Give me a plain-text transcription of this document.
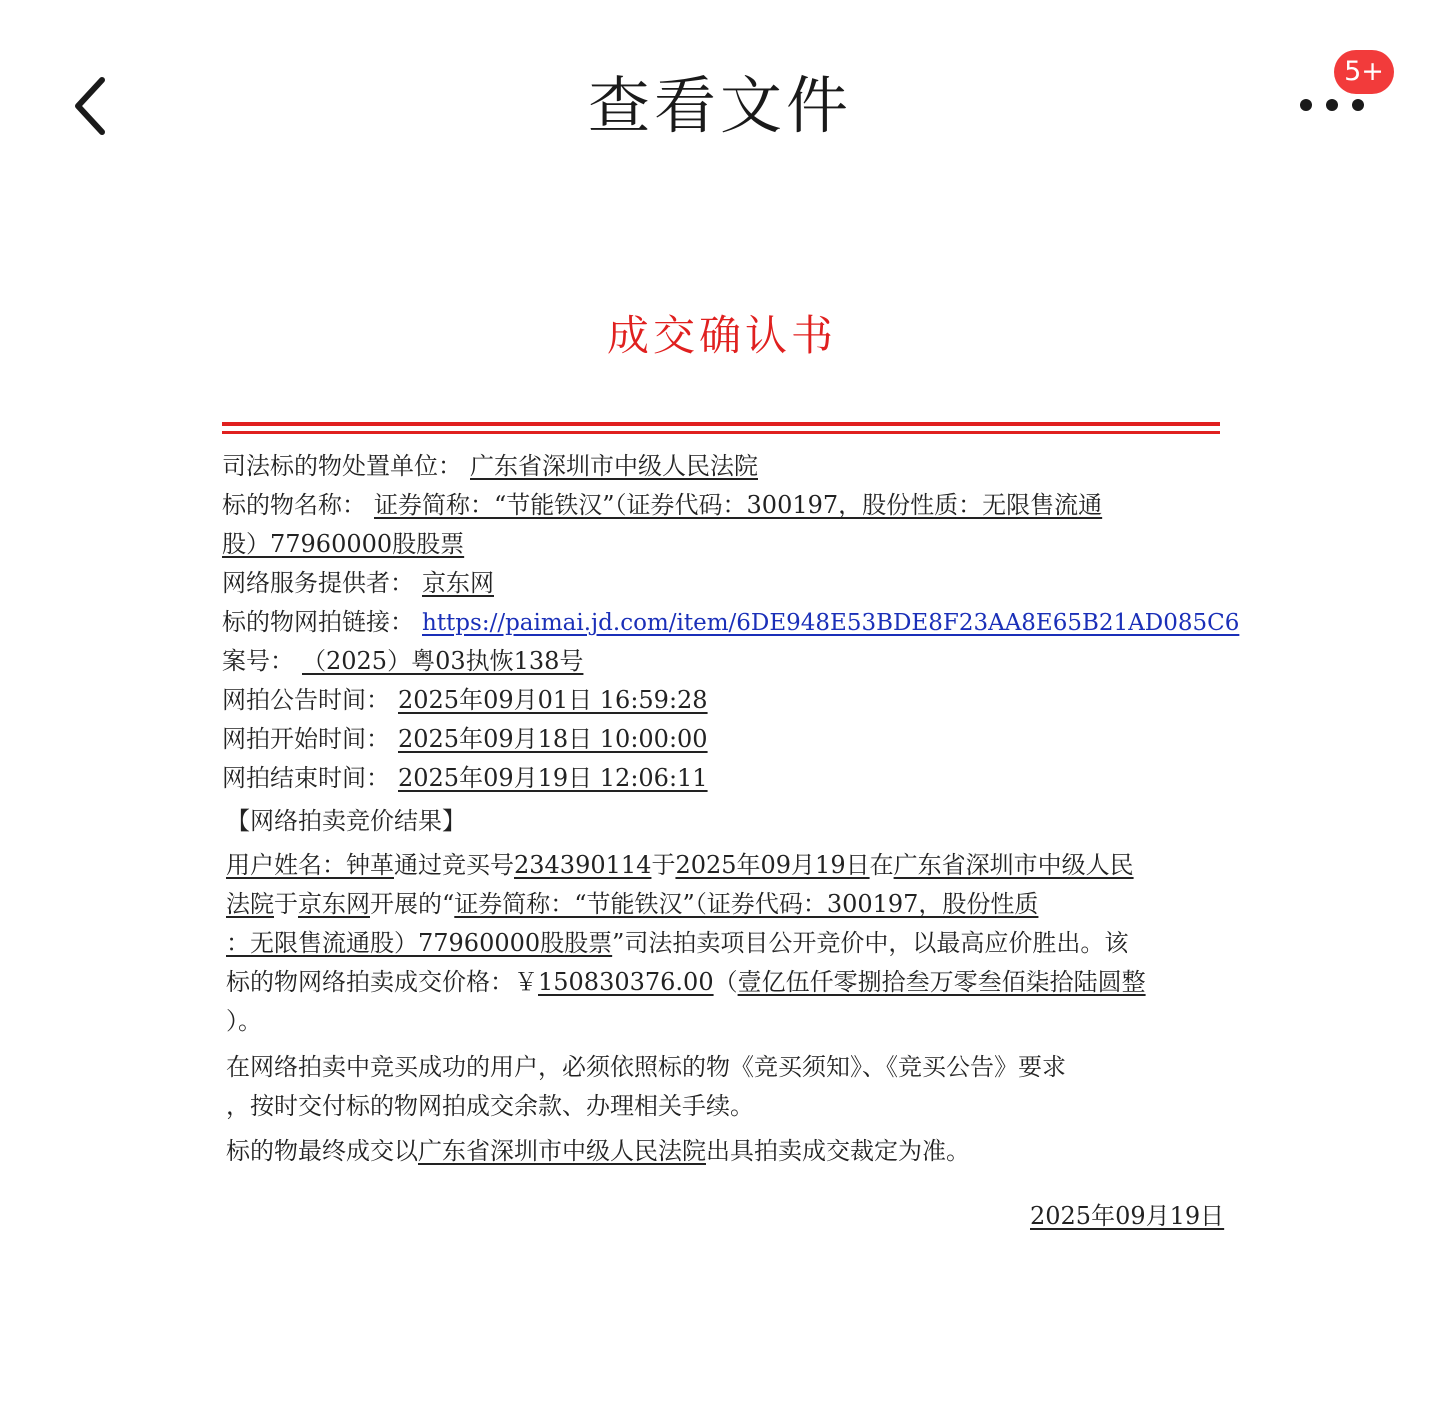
查看文件	5+
成交确认书
司法标的物处置单位： 广东省深圳市中级人民法院
标的物名称： 证券简称：“节能铁汉”（证券代码：300197，股份性质：无限售流通
股）77960000股股票
网络服务提供者： 京东网
标的物网拍链接： https://paimai.jd.com/item/6DE948E53BDE8F23AA8E65B21AD085C6
案号： （2025）粤03执恢138号
网拍公告时间： 2025年09月01日 16:59:28
网拍开始时间： 2025年09月18日 10:00:00
网拍结束时间： 2025年09月19日 12:06:11
【网络拍卖竞价结果】
用户姓名：钟革通过竞买号234390114于2025年09月19日在广东省深圳市中级人民
法院于京东网开展的“证券简称：“节能铁汉”（证券代码：300197，股份性质
：无限售流通股）77960000股股票”司法拍卖项目公开竞价中，以最高应价胜出。该
标的物网络拍卖成交价格：￥150830376.00（壹亿伍仟零捌拾叁万零叁佰柒拾陆圆整
）。
在网络拍卖中竞买成功的用户，必须依照标的物《竞买须知》、《竞买公告》要求
，按时交付标的物网拍成交余款、办理相关手续。
标的物最终成交以广东省深圳市中级人民法院出具拍卖成交裁定为准。
2025年09月19日
